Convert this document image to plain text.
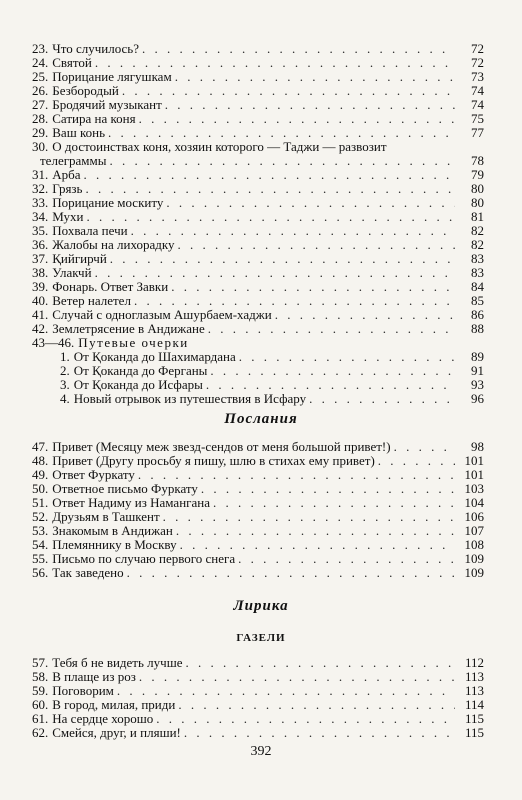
23. Что случилось? . . .	72
24. Святой . . .	72
25. Порицание лягушкам . . .	73
26. Безбородый . . .	74
27. Бродячий музыкант . . .	74
28. Сатира на коня . . .	75
29. Ваш конь . . .	77
30. О достоинствах коня, хозяин которого — Таджи — развозит
телеграммы . . .	78
31. Арба . . .	79
32. Грязь . . .	80
33. Порицание москиту . . .	80
34. Мухи . . .	81
35. Похвала печи . . .	82
36. Жалобы на лихорадку . . .	82
37. Қийгирчй . . .	83
38. Улакчй . . .	83
39. Фонарь. Ответ Завки . . .	84
40. Ветер налетел . . .	85
41. Случай с одноглазым Ашурбаем-хаджи . . .	86
42. Землетрясение в Андижане . . .	88
43—46. Путевые очерки
1. От Қоканда до Шахимардана . . .	89
2. От Қоканда до Ферганы . . .	91
3. От Қоканда до Исфары . . .	93
4. Новый отрывок из путешествия в Исфару . . .	96
Послания
47. Привет (Месяцу меж звезд-сендов от меня большой привет!) . . .	98
48. Привет (Другу просьбу я пишу, шлю в стихах ему привет) . . .	101
49. Ответ Фуркату . . .	101
50. Ответное письмо Фуркату . . .	103
51. Ответ Надиму из Намангана . . .	104
52. Друзьям в Ташкент . . .	106
53. Знакомым в Андижан . . .	107
54. Племяннику в Москву . . .	108
55. Письмо по случаю первого снега . . .	109
56. Так заведено . . .	109
Лирика
ГАЗЕЛИ
57. Тебя б не видеть лучше . . .	112
58. В плаще из роз . . .	113
59. Поговорим . . .	113
60. В город, милая, приди . . .	114
61. На сердце хорошо . . .	115
62. Смейся, друг, и пляши! . . .	115
392
